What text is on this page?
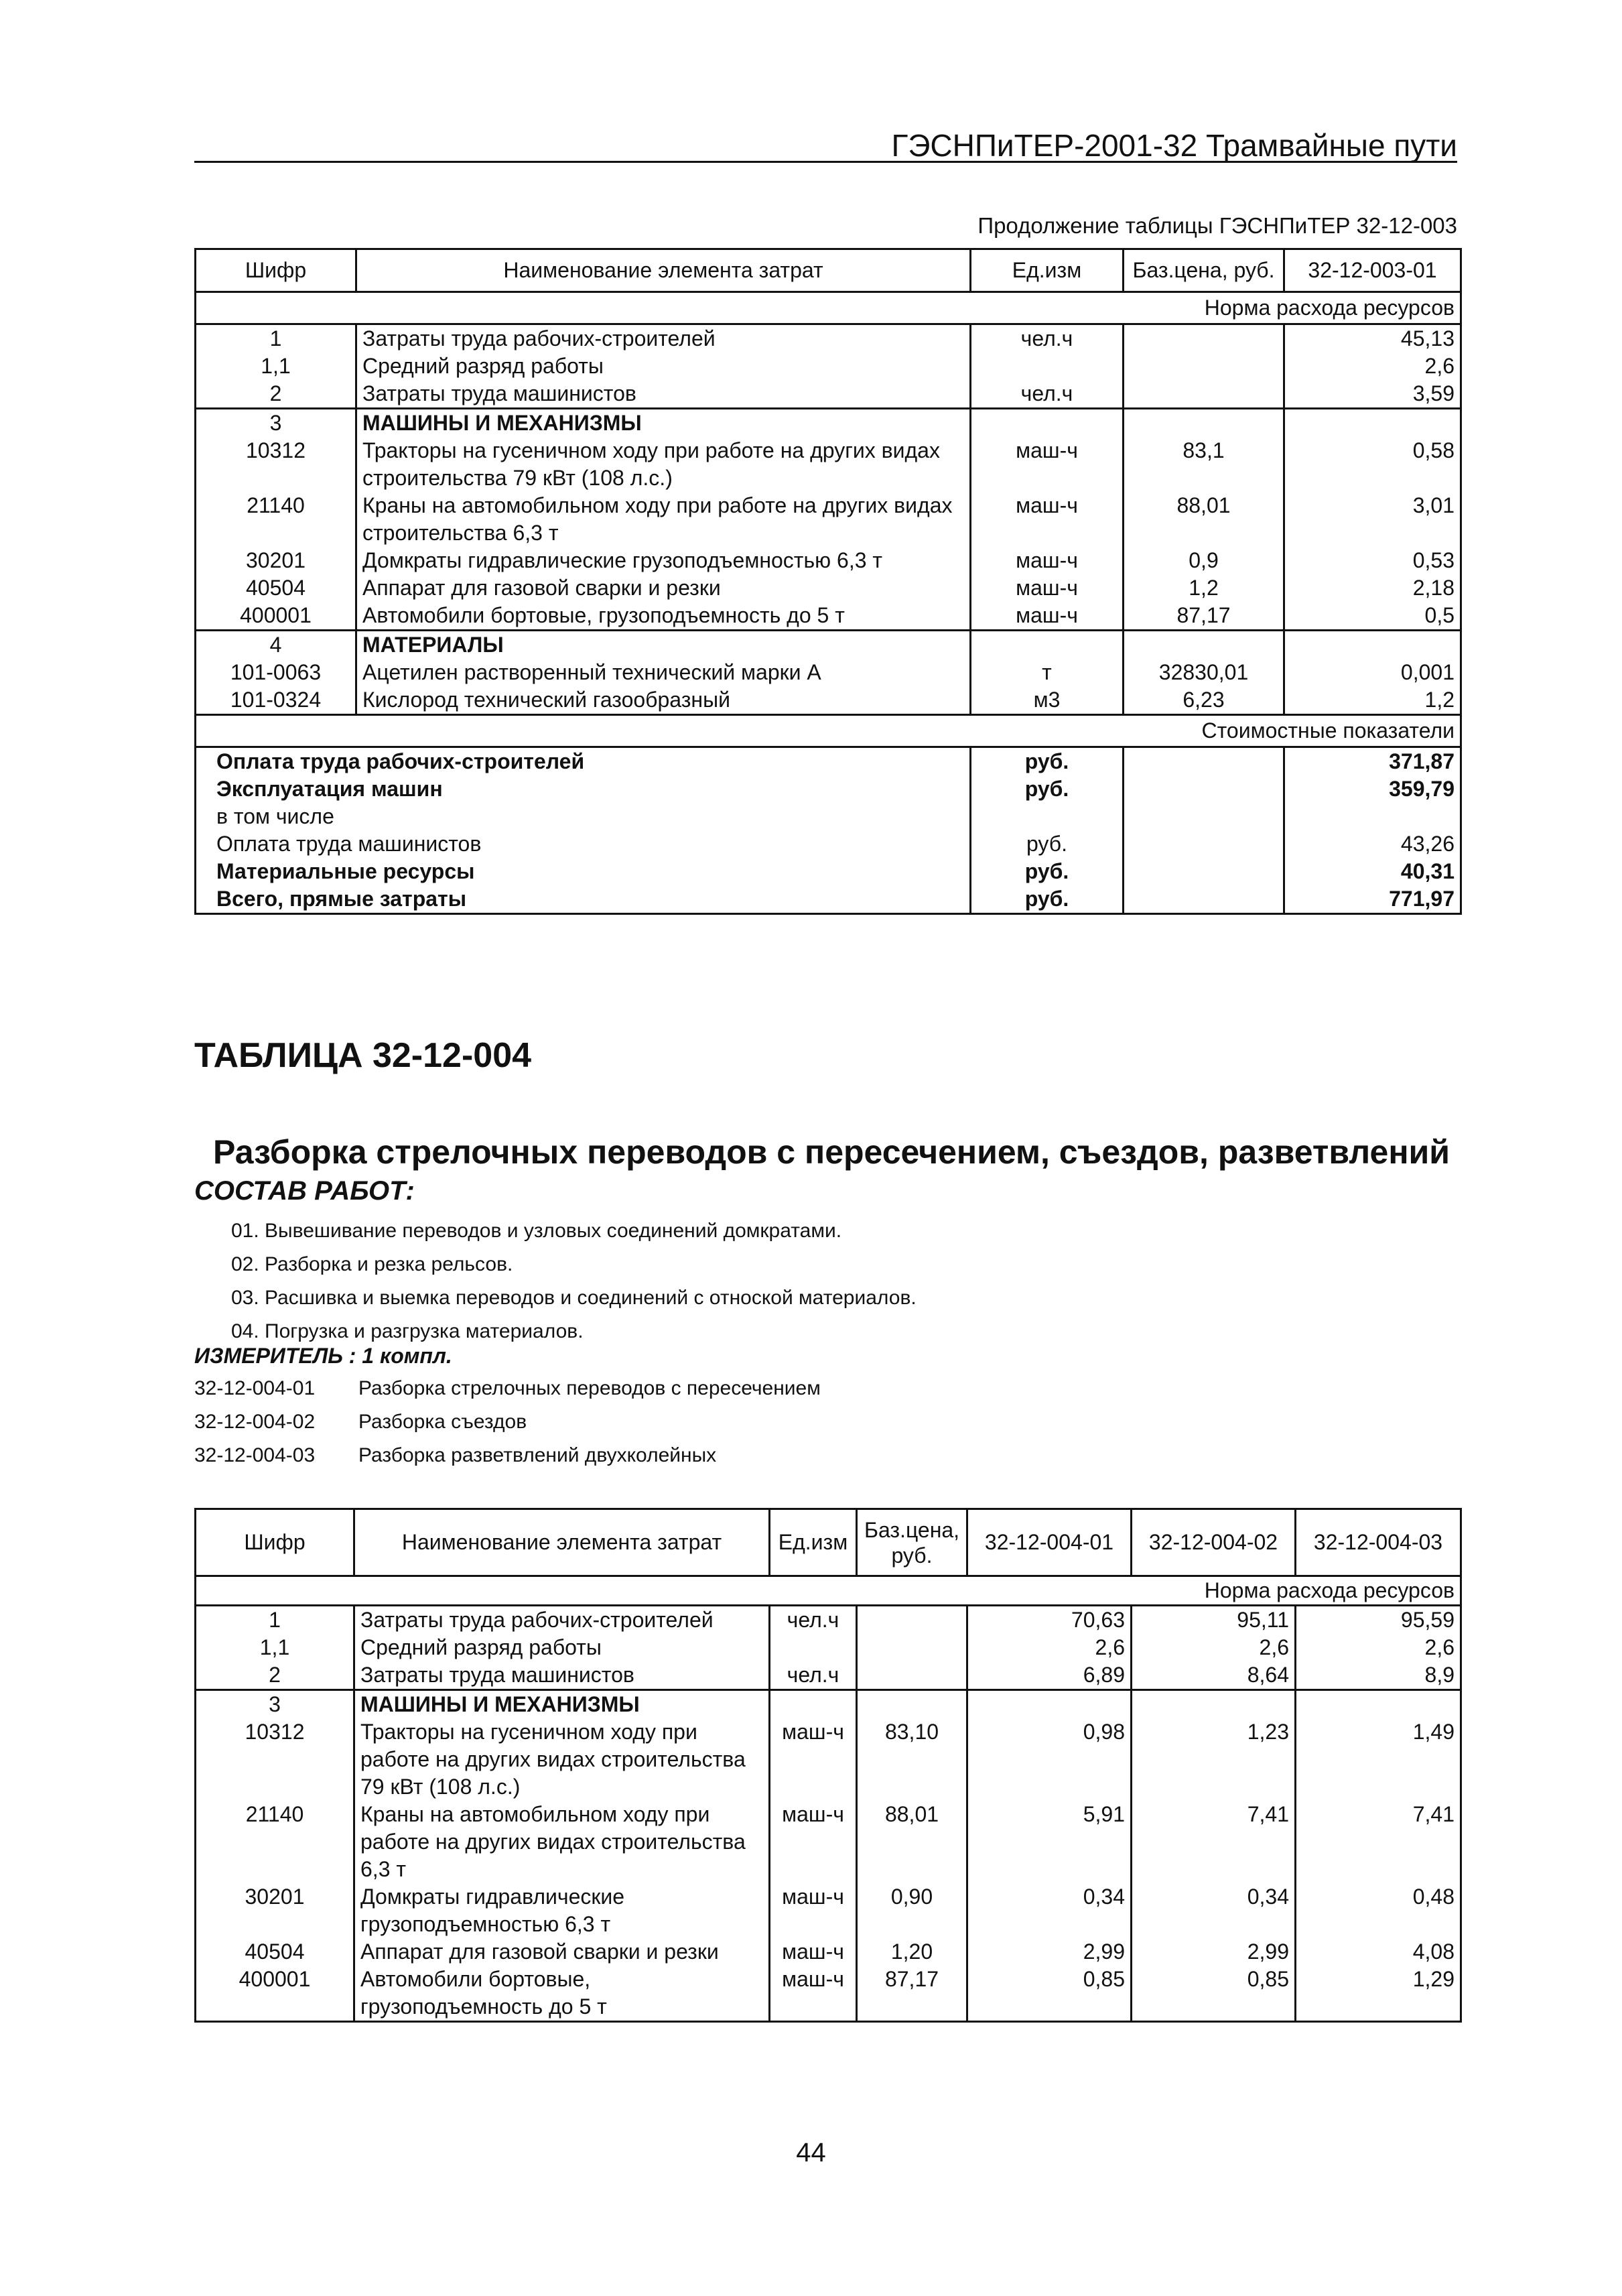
ГЭСНПиТЕР-2001-32 Трамвайные пути
Продолжение таблицы ГЭСНПиТЕР 32-12-003
Шифр	Наименование элемента затрат	Ед.изм	Баз.цена, руб.	32-12-003-01
Норма расхода ресурсов				
1	Затраты труда рабочих-строителей	чел.ч		45,13
1,1	Средний разряд работы			2,6
2	Затраты труда машинистов	чел.ч		3,59
3	МАШИНЫ И МЕХАНИЗМЫ			
10312	Тракторы на гусеничном ходу при работе на других видах строительства 79 кВт (108 л.с.)	маш-ч	83,1	0,58
21140	Краны на автомобильном ходу при работе на других видах строительства 6,3 т	маш-ч	88,01	3,01
30201	Домкраты гидравлические грузоподъемностью 6,3 т	маш-ч	0,9	0,53
40504	Аппарат для газовой сварки и резки	маш-ч	1,2	2,18
400001	Автомобили бортовые, грузоподъемность до 5 т	маш-ч	87,17	0,5
4	МАТЕРИАЛЫ			
101-0063	Ацетилен растворенный технический марки А	т	32830,01	0,001
101-0324	Кислород технический газообразный	м3	6,23	1,2
Стоимостные показатели				
Оплата труда рабочих-строителей		руб.		371,87
Эксплуатация машин		руб.		359,79
в том числе				
Оплата труда машинистов		руб.		43,26
Материальные ресурсы		руб.		40,31
Всего, прямые затраты		руб.		771,97
ТАБЛИЦА 32-12-004
Разборка стрелочных переводов с пересечением, съездов, разветвлений
СОСТАВ РАБОТ:
01. Вывешивание переводов и узловых соединений домкратами.
02. Разборка и резка рельсов.
03. Расшивка и выемка переводов и соединений с отноской материалов.
04. Погрузка и разгрузка материалов.
ИЗМЕРИТЕЛЬ : 1 компл.
32-12-004-01 Разборка стрелочных переводов с пересечением
32-12-004-02 Разборка съездов
32-12-004-03 Разборка разветвлений двухколейных
Шифр	Наименование элемента затрат	Ед.изм	Баз.цена, руб.	32-12-004-01	32-12-004-02	32-12-004-03
Норма расхода ресурсов						
1	Затраты труда рабочих-строителей	чел.ч		70,63	95,11	95,59
1,1	Средний разряд работы			2,6	2,6	2,6
2	Затраты труда машинистов	чел.ч		6,89	8,64	8,9
3	МАШИНЫ И МЕХАНИЗМЫ					
10312	Тракторы на гусеничном ходу при работе на других видах строительства 79 кВт (108 л.с.)	маш-ч	83,10	0,98	1,23	1,49
21140	Краны на автомобильном ходу при работе на других видах строительства 6,3 т	маш-ч	88,01	5,91	7,41	7,41
30201	Домкраты гидравлические грузоподъемностью 6,3 т	маш-ч	0,90	0,34	0,34	0,48
40504	Аппарат для газовой сварки и резки	маш-ч	1,20	2,99	2,99	4,08
400001	Автомобили бортовые, грузоподъемность до 5 т	маш-ч	87,17	0,85	0,85	1,29
44
